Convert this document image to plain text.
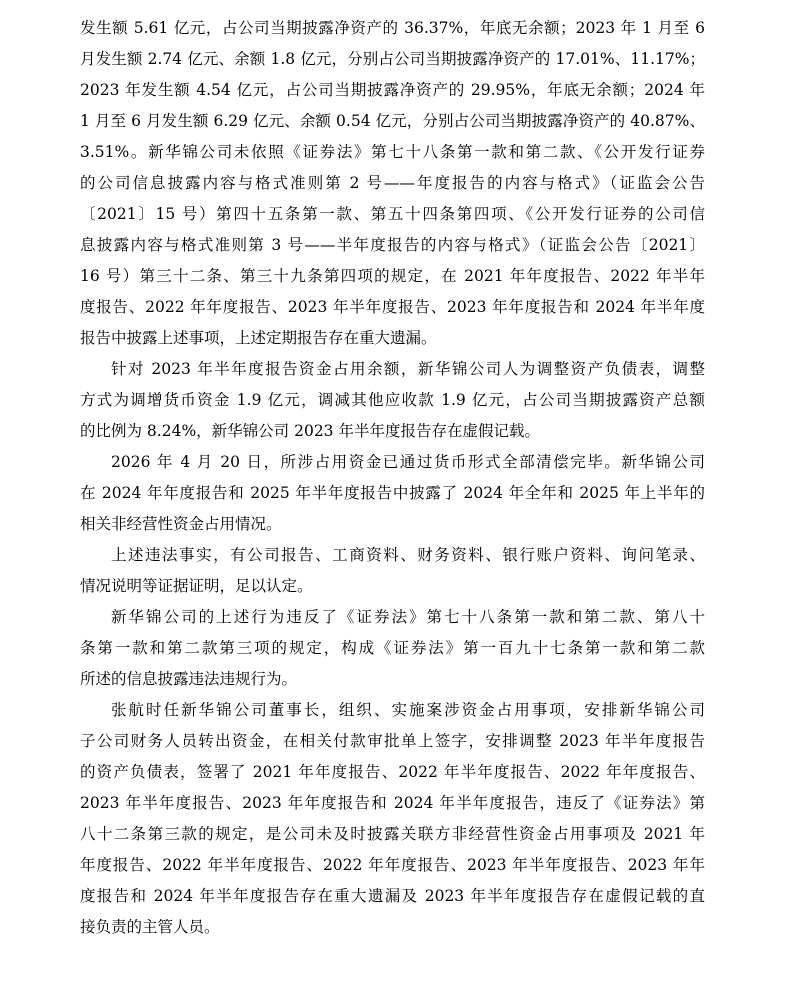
发生额 5.61 亿元，占公司当期披露净资产的 36.37%，年底无余额；2023 年 1 月至 6
月发生额 2.74 亿元、余额 1.8 亿元，分别占公司当期披露净资产的 17.01%、11.17%；
2023 年发生额 4.54 亿元，占公司当期披露净资产的 29.95%，年底无余额；2024 年
1 月至 6 月发生额 6.29 亿元、余额 0.54 亿元，分别占公司当期披露净资产的 40.87%、
3.51%。新华锦公司未依照《证券法》第七十八条第一款和第二款、《公开发行证券
的公司信息披露内容与格式准则第 2 号——年度报告的内容与格式》（证监会公告
〔2021〕15 号）第四十五条第一款、第五十四条第四项、《公开发行证券的公司信
息披露内容与格式准则第 3 号——半年度报告的内容与格式》（证监会公告〔2021〕
16 号）第三十二条、第三十九条第四项的规定，在 2021 年年度报告、2022 年半年
度报告、2022 年年度报告、2023 年半年度报告、2023 年年度报告和 2024 年半年度
报告中披露上述事项，上述定期报告存在重大遗漏。
针对 2023 年半年度报告资金占用余额，新华锦公司人为调整资产负债表，调整
方式为调增货币资金 1.9 亿元，调减其他应收款 1.9 亿元，占公司当期披露资产总额
的比例为 8.24%，新华锦公司 2023 年半年度报告存在虚假记载。
2026 年 4 月 20 日，所涉占用资金已通过货币形式全部清偿完毕。新华锦公司
在 2024 年年度报告和 2025 年半年度报告中披露了 2024 年全年和 2025 年上半年的
相关非经营性资金占用情况。
上述违法事实，有公司报告、工商资料、财务资料、银行账户资料、询问笔录、
情况说明等证据证明，足以认定。
新华锦公司的上述行为违反了《证券法》第七十八条第一款和第二款、第八十
条第一款和第二款第三项的规定，构成《证券法》第一百九十七条第一款和第二款
所述的信息披露违法违规行为。
张航时任新华锦公司董事长，组织、实施案涉资金占用事项，安排新华锦公司
子公司财务人员转出资金，在相关付款审批单上签字，安排调整 2023 年半年度报告
的资产负债表，签署了 2021 年年度报告、2022 年半年度报告、2022 年年度报告、
2023 年半年度报告、2023 年年度报告和 2024 年半年度报告，违反了《证券法》第
八十二条第三款的规定，是公司未及时披露关联方非经营性资金占用事项及 2021 年
年度报告、2022 年半年度报告、2022 年年度报告、2023 年半年度报告、2023 年年
度报告和 2024 年半年度报告存在重大遗漏及 2023 年半年度报告存在虚假记载的直
接负责的主管人员。
